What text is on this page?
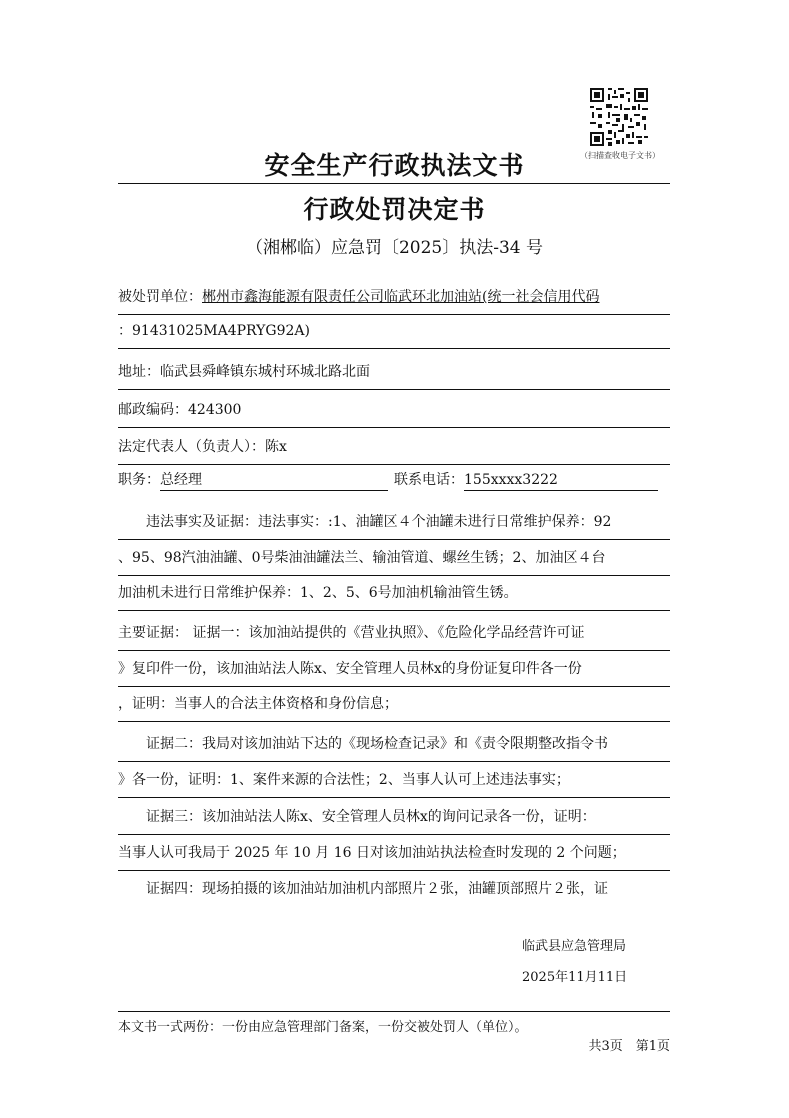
（扫描查收电子文书）
安全生产行政执法文书
行政处罚决定书
（湘郴临）应急罚〔2025〕执法-34 号
被处罚单位：郴州市鑫海能源有限责任公司临武环北加油站(统一社会信用代码
：91431025MA4PRYG92A)
地址：临武县舜峰镇东城村环城北路北面
邮政编码：424300
法定代表人（负责人）：陈x
职务：总经理	联系电话：155xxxx3222
违法事实及证据：违法事实：:1、油罐区４个油罐未进行日常维护保养：92
、95、98汽油油罐、0号柴油油罐法兰、输油管道、螺丝生锈；2、加油区４台
加油机未进行日常维护保养：1、2、5、6号加油机输油管生锈。
主要证据： 证据一：该加油站提供的《营业执照》、《危险化学品经营许可证
》复印件一份，该加油站法人陈x、安全管理人员林x的身份证复印件各一份
，证明：当事人的合法主体资格和身份信息；
证据二：我局对该加油站下达的《现场检查记录》和《责令限期整改指令书
》各一份，证明：1、案件来源的合法性；2、当事人认可上述违法事实；
证据三：该加油站法人陈x、安全管理人员林x的询问记录各一份，证明：
当事人认可我局于 2025 年 10 月 16 日对该加油站执法检查时发现的 2 个问题；
证据四：现场拍摄的该加油站加油机内部照片２张，油罐顶部照片２张，证
临武县应急管理局
2025年11月11日
本文书一式两份：一份由应急管理部门备案，一份交被处罚人（单位）。
共3页　第1页
